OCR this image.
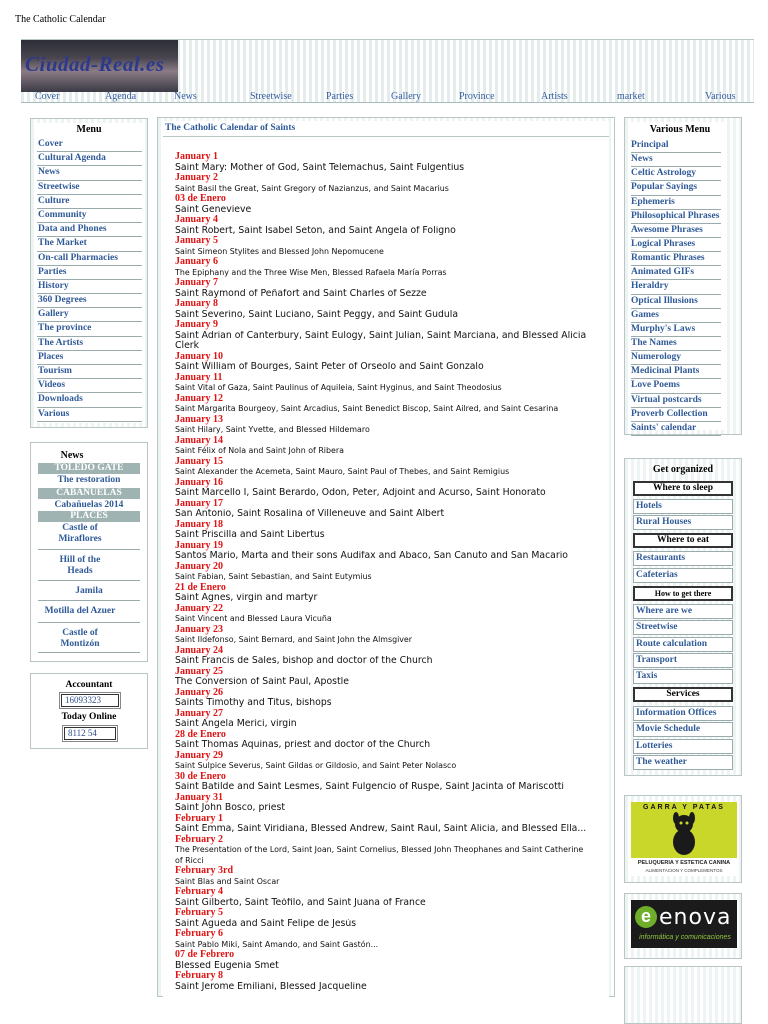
The Catholic Calendar
Ciudad-Real.es
Cover	Agenda	News	Streetwise	Parties	Gallery	Province	Artists	market	Various
Menu
Cover
Cultural Agenda
News
Streetwise
Culture
Community
Data and Phones
The Market
On-call Pharmacies
Parties
History
360 Degrees
Gallery
The province
The Artists
Places
Tourism
Videos
Downloads
Various
News
TOLEDO GATE
The restoration
CABAÑUELAS
Cabañuelas 2014
PLACES
Castle of Miraflores
Hill of the Heads
Jamila
Motilla del Azuer
Castle of Montizón
Accountant
16093323
Today Online
8112 54
The Catholic Calendar of Saints
January 1
Saint Mary: Mother of God, Saint Telemachus, Saint Fulgentius
January 2
Saint Basil the Great, Saint Gregory of Nazianzus, and Saint Macarius
03 de Enero
Saint Genevieve
January 4
Saint Robert, Saint Isabel Seton, and Saint Angela of Foligno
January 5
Saint Simeon Stylites and Blessed John Nepomucene
January 6
The Epiphany and the Three Wise Men, Blessed Rafaela María Porras
January 7
Saint Raymond of Peñafort and Saint Charles of Sezze
January 8
Saint Severino, Saint Luciano, Saint Peggy, and Saint Gudula
January 9
Saint Adrian of Canterbury, Saint Eulogy, Saint Julian, Saint Marciana, and Blessed Alicia Clerk
January 10
Saint William of Bourges, Saint Peter of Orseolo and Saint Gonzalo
January 11
Saint Vital of Gaza, Saint Paulinus of Aquileia, Saint Hyginus, and Saint Theodosius
January 12
Saint Margarita Bourgeoy, Saint Arcadius, Saint Benedict Biscop, Saint Ailred, and Saint Cesarina
January 13
Saint Hilary, Saint Yvette, and Blessed Hildemaro
January 14
Saint Félix of Nola and Saint John of Ribera
January 15
Saint Alexander the Acemeta, Saint Mauro, Saint Paul of Thebes, and Saint Remigius
January 16
Saint Marcello I, Saint Berardo, Odon, Peter, Adjoint and Acurso, Saint Honorato
January 17
San Antonio, Saint Rosalina of Villeneuve and Saint Albert
January 18
Saint Priscilla and Saint Libertus
January 19
Santos Mario, Marta and their sons Audifax and Abaco, San Canuto and San Macario
January 20
Saint Fabian, Saint Sebastian, and Saint Eutymius
21 de Enero
Saint Agnes, virgin and martyr
January 22
Saint Vincent and Blessed Laura Vicuña
January 23
Saint Ildefonso, Saint Bernard, and Saint John the Almsgiver
January 24
Saint Francis de Sales, bishop and doctor of the Church
January 25
The Conversion of Saint Paul, Apostle
January 26
Saints Timothy and Titus, bishops
January 27
Saint Angela Merici, virgin
28 de Enero
Saint Thomas Aquinas, priest and doctor of the Church
January 29
Saint Sulpice Severus, Saint Gildas or Gildosio, and Saint Peter Nolasco
30 de Enero
Saint Batilde and Saint Lesmes, Saint Fulgencio of Ruspe, Saint Jacinta of Mariscotti
January 31
Saint John Bosco, priest
February 1
Saint Emma, Saint Viridiana, Blessed Andrew, Saint Raul, Saint Alicia, and Blessed Ella...
February 2
The Presentation of the Lord, Saint Joan, Saint Cornelius, Blessed John Theophanes and Saint Catherine of Ricci
February 3rd
Saint Blas and Saint Oscar
February 4
Saint Gilberto, Saint Teófilo, and Saint Juana of France
February 5
Saint Agueda and Saint Felipe de Jesús
February 6
Saint Pablo Miki, Saint Amando, and Saint Gastón...
07 de Febrero
Blessed Eugenia Smet
February 8
Saint Jerome Emiliani, Blessed Jacqueline
Various Menu
Principal
News
Celtic Astrology
Popular Sayings
Ephemeris
Philosophical Phrases
Awesome Phrases
Logical Phrases
Romantic Phrases
Animated GIFs
Heraldry
Optical Illusions
Games
Murphy's Laws
The Names
Numerology
Medicinal Plants
Love Poems
Virtual postcards
Proverb Collection
Saints' calendar
Get organized
Where to sleep
Hotels
Rural Houses
Where to eat
Restaurants
Cafeterias
How to get there
Where are we
Streetwise
Route calculation
Transport
Taxis
Services
Information Offices
Movie Schedule
Lotteries
The weather
GARRA Y PATAS
PELUQUERIA Y ESTETICA CANINA
ALIMENTACION Y COMPLEMENTOS
e enova
informática y comunicaciones
